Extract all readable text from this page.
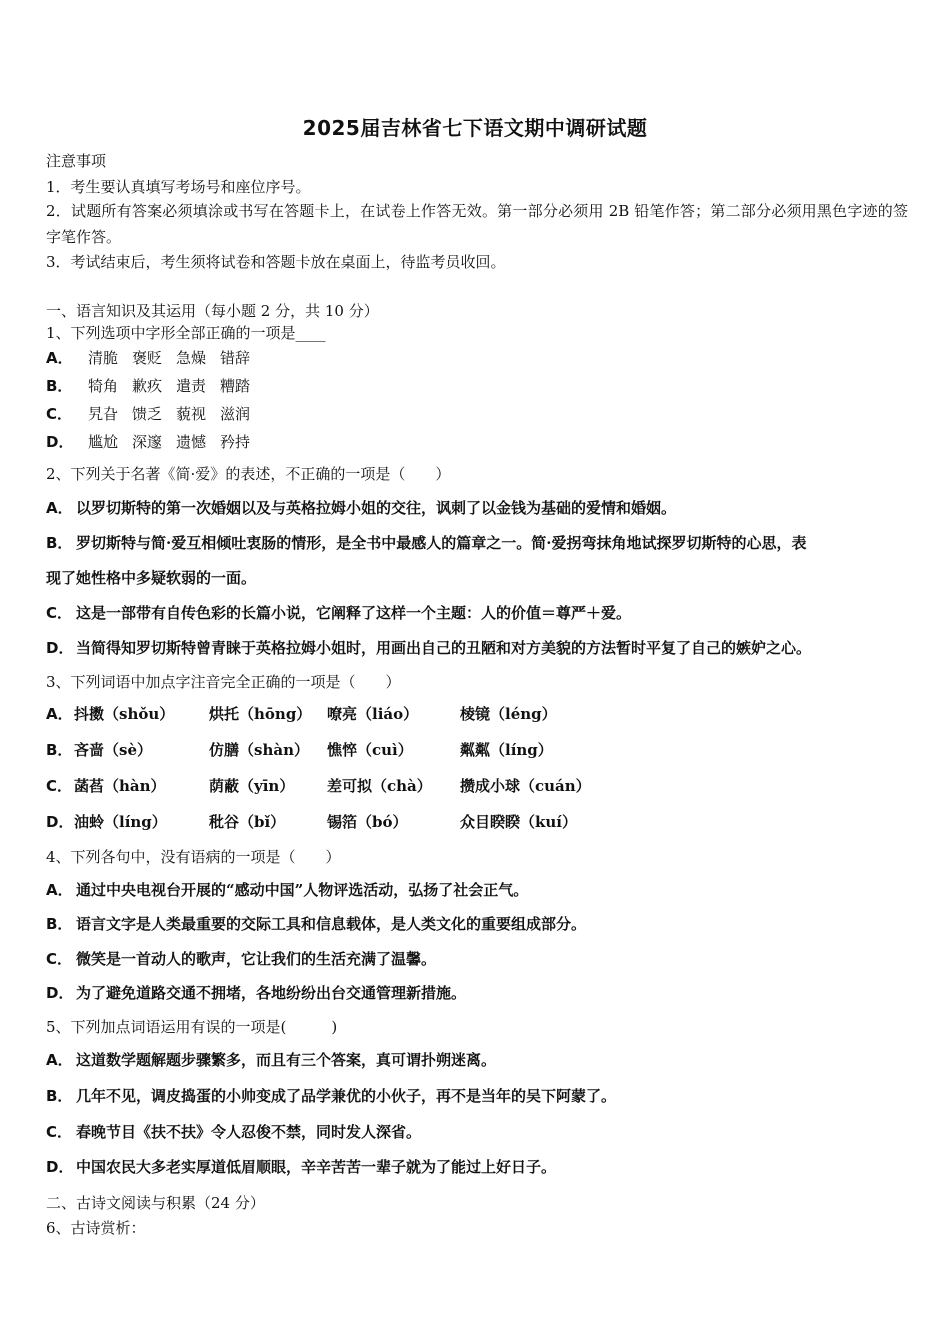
2025届吉林省七下语文期中调研试题
注意事项
1．考生要认真填写考场号和座位序号。
2．试题所有答案必须填涂或书写在答题卡上，在试卷上作答无效。第一部分必须用 2B 铅笔作答；第二部分必须用黑色字迹的签字笔作答。
3．考试结束后，考生须将试卷和答题卡放在桌面上，待监考员收回。
一、语言知识及其运用（每小题 2 分，共 10 分）
1、下列选项中字形全部正确的一项是____
A． 清脆 褒贬 急燥 错辞
B． 犄角 歉疚 遣责 糟踏
C． 旯旮 馈乏 藐视 滋润
D． 尴尬 深邃 遗憾 矜持
2、下列关于名著《简·爱》的表述，不正确的一项是（　　）
A． 以罗切斯特的第一次婚姻以及与英格拉姆小姐的交往，讽刺了以金钱为基础的爱情和婚姻。
B． 罗切斯特与简·爱互相倾吐衷肠的情形，是全书中最感人的篇章之一。简·爱拐弯抹角地试探罗切斯特的心思，表
现了她性格中多疑软弱的一面。
C． 这是一部带有自传色彩的长篇小说，它阐释了这样一个主题：人的价值＝尊严＋爱。
D． 当简得知罗切斯特曾青睐于英格拉姆小姐时，用画出自己的丑陋和对方美貌的方法暂时平复了自己的嫉妒之心。
3、下列词语中加点字注音完全正确的一项是（　　）
A． 抖擞（shǒu） 烘托（hōng） 嘹亮（liáo）	棱镜（léng）
B． 吝啬（sè）	仿膳（shàn） 憔悴（cuì）	粼粼（líng）
C． 菡萏（hàn）	荫蔽（yīn） 差可拟（chà） 攒成小球（cuán）
D． 油蛉（líng）	秕谷（bǐ）	锡箔（bó）	众目睽睽（kuí）
4、下列各句中，没有语病的一项是（　　）
A． 通过中央电视台开展的“感动中国”人物评选活动，弘扬了社会正气。
B． 语言文字是人类最重要的交际工具和信息载体，是人类文化的重要组成部分。
C． 微笑是一首动人的歌声，它让我们的生活充满了温馨。
D． 为了避免道路交通不拥堵，各地纷纷出台交通管理新措施。
5、下列加点词语运用有误的一项是(　　　)
A． 这道数学题解题步骤繁多，而且有三个答案，真可谓扑朔迷离。
B． 几年不见，调皮捣蛋的小帅变成了品学兼优的小伙子，再不是当年的吴下阿蒙了。
C． 春晚节目《扶不扶》令人忍俊不禁，同时发人深省。
D． 中国农民大多老实厚道低眉顺眼，辛辛苦苦一辈子就为了能过上好日子。
二、古诗文阅读与积累（24 分）
6、古诗赏析：
